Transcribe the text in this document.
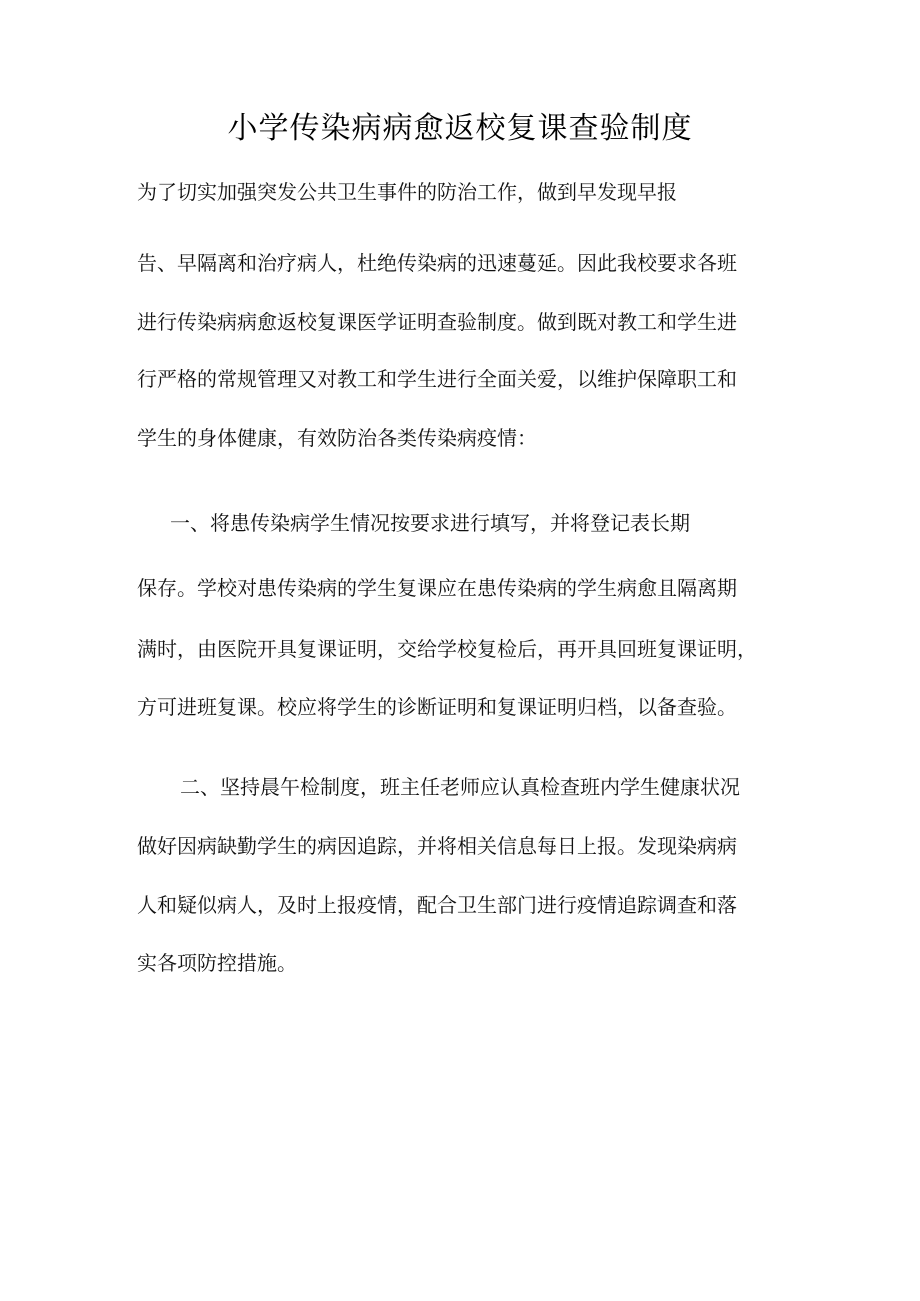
小学传染病病愈返校复课查验制度
为了切实加强突发公共卫生事件的防治工作，做到早发现早报
告、早隔离和治疗病人，杜绝传染病的迅速蔓延。因此我校要求各班
进行传染病病愈返校复课医学证明查验制度。做到既对教工和学生进
行严格的常规管理又对教工和学生进行全面关爱，以维护保障职工和
学生的身体健康，有效防治各类传染病疫情：
一、将患传染病学生情况按要求进行填写，并将登记表长期
保存。学校对患传染病的学生复课应在患传染病的学生病愈且隔离期
满时，由医院开具复课证明，交给学校复检后，再开具回班复课证明，
方可进班复课。校应将学生的诊断证明和复课证明归档，以备查验。
二、坚持晨午检制度，班主任老师应认真检查班内学生健康状况
做好因病缺勤学生的病因追踪，并将相关信息每日上报。发现染病病
人和疑似病人，及时上报疫情，配合卫生部门进行疫情追踪调查和落
实各项防控措施。
